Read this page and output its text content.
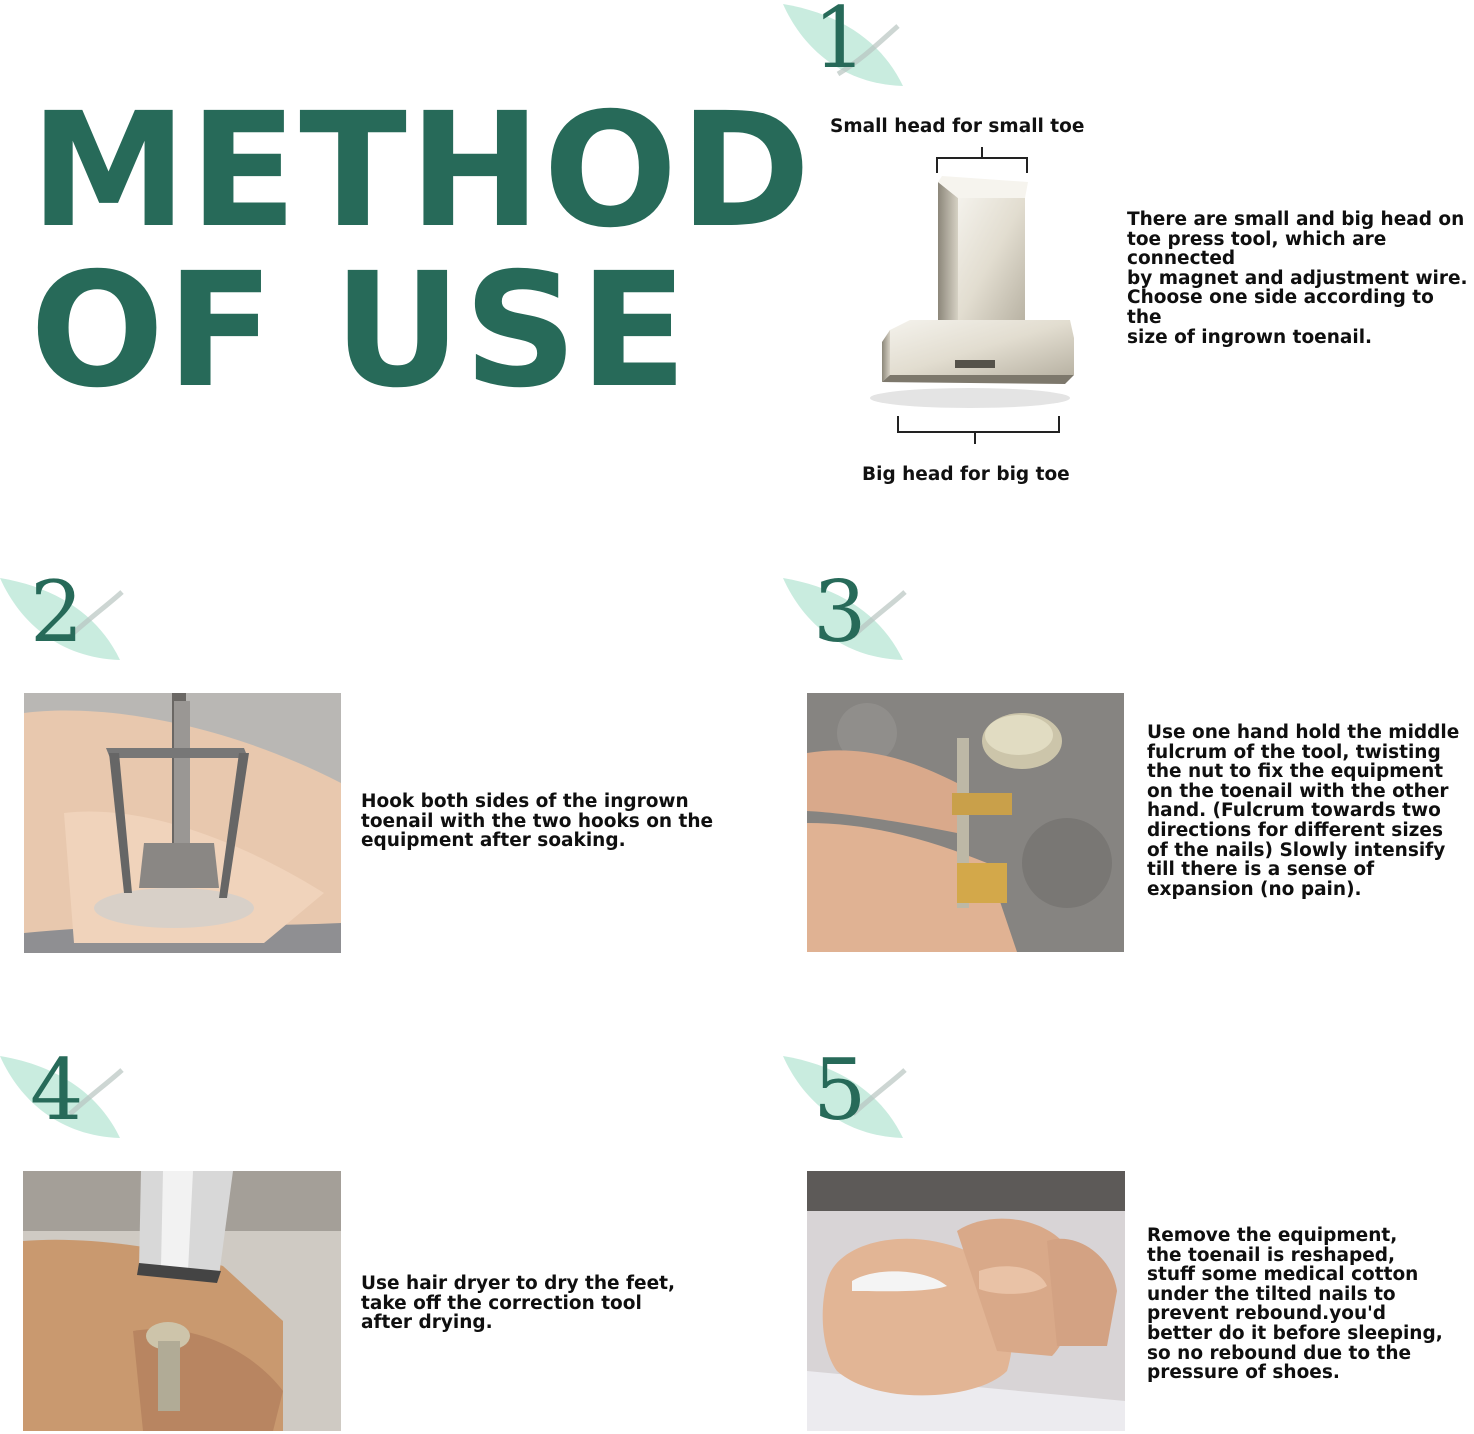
METHOD
OF USE
1
2	3
4	5

Small head for small toe

Big head for big toe

There are small and big head on
toe press tool, which are connected
by magnet and adjustment wire.
Choose one side according to the
size of ingrown toenail.

Hook both sides of the ingrown
toenail with the two hooks on the
equipment after soaking.

Use one hand hold the middle
fulcrum of the tool, twisting
the nut to fix the equipment
on the toenail with the other
hand. (Fulcrum towards two
directions for different sizes
of the nails) Slowly intensify
till there is a sense of
expansion (no pain).

Use hair dryer to dry the feet,
take off the correction tool
after drying.

Remove the equipment,
the toenail is reshaped,
stuff some medical cotton
under the tilted nails to
prevent rebound.you'd
better do it before sleeping,
so no rebound due to the
pressure of shoes.
